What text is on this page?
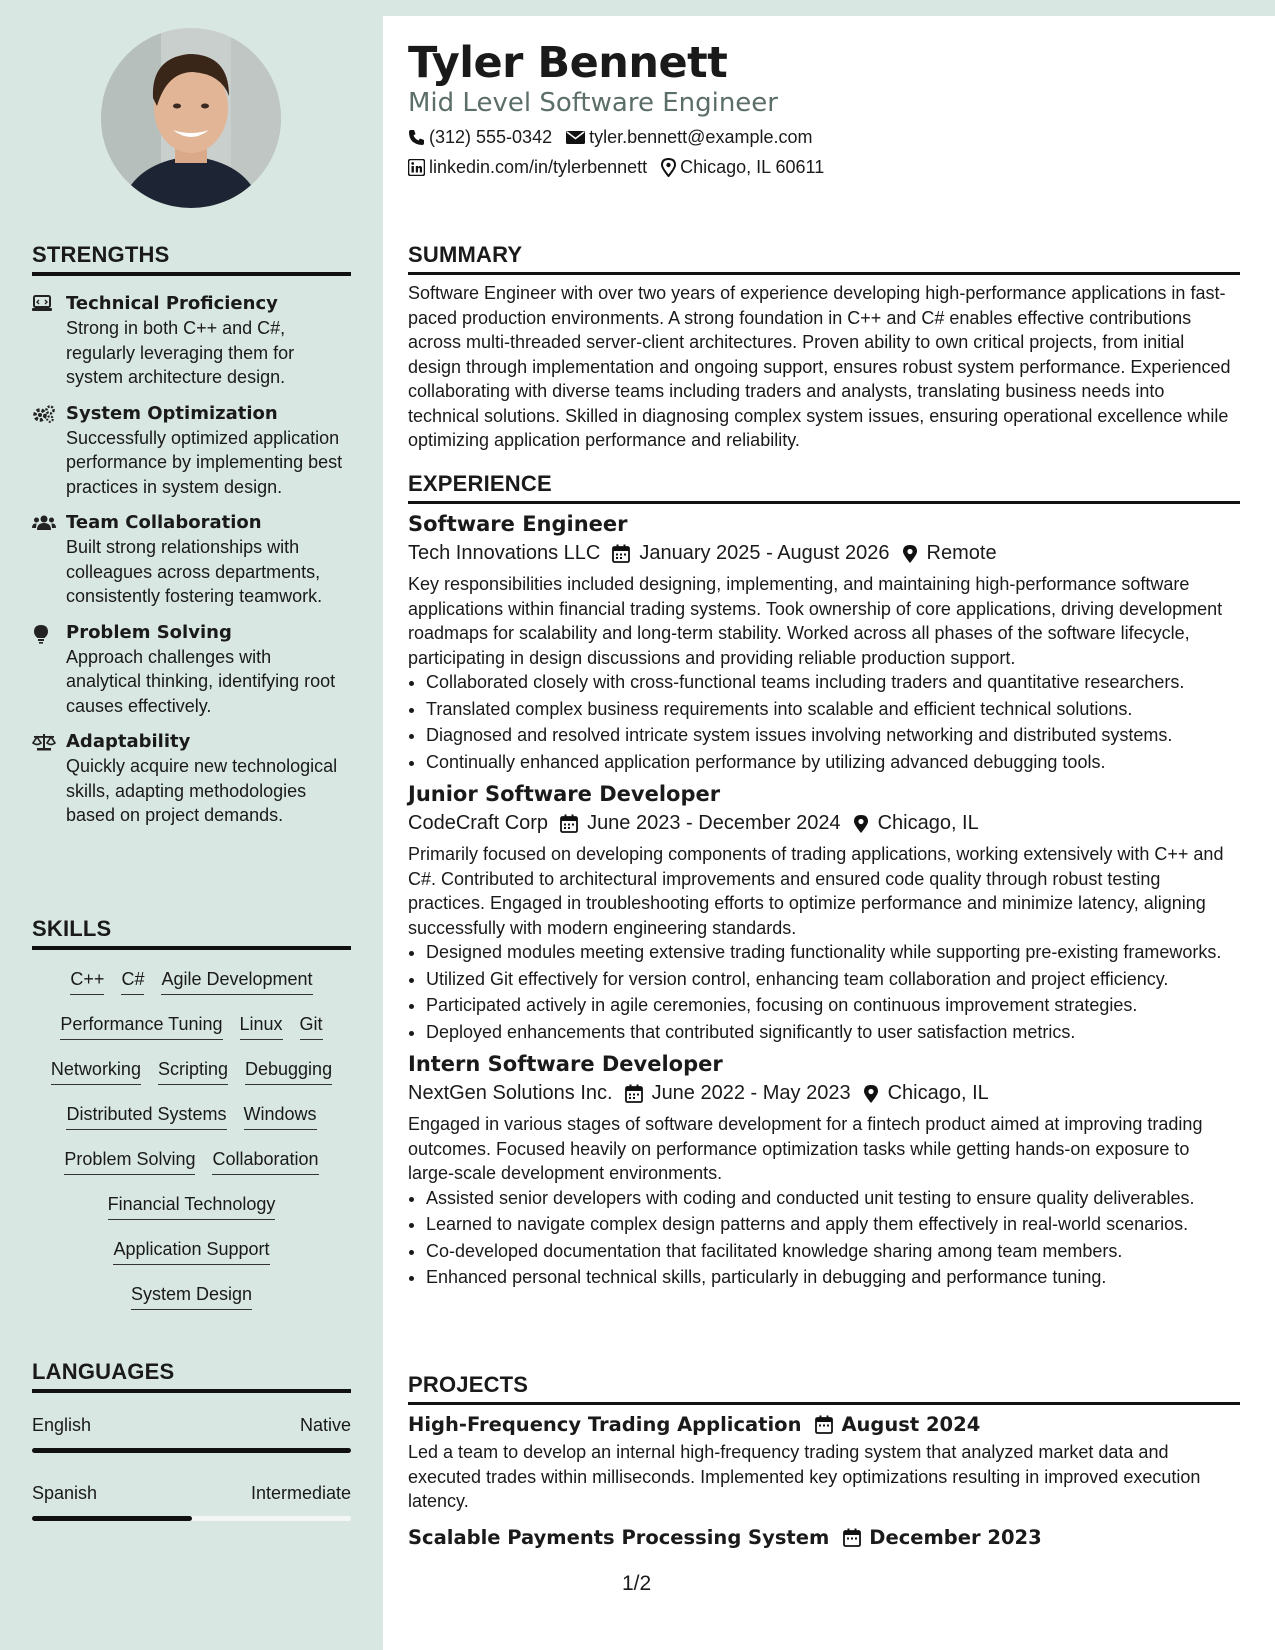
STRENGTHS
Technical Proficiency
Strong in both C++ and C#, regularly leveraging them for system architecture design.
System Optimization
Successfully optimized application performance by implementing best practices in system design.
Team Collaboration
Built strong relationships with colleagues across departments, consistently fostering teamwork.
Problem Solving
Approach challenges with analytical thinking, identifying root causes effectively.
Adaptability
Quickly acquire new technological skills, adapting methodologies based on project demands.
SKILLS
C++ C# Agile Development
Performance Tuning Linux Git
Networking Scripting Debugging
Distributed Systems Windows
Problem Solving Collaboration
Financial Technology
Application Support
System Design
LANGUAGES
English	Native
Spanish	Intermediate
Tyler Bennett
Mid Level Software Engineer
(312) 555-0342 tyler.bennett@example.com
linkedin.com/in/tylerbennett Chicago, IL 60611
SUMMARY

Software Engineer with over two years of experience developing high-performance applications in fast-paced production environments. A strong foundation in C++ and C# enables effective contributions across multi-threaded server-client architectures. Proven ability to own critical projects, from initial design through implementation and ongoing support, ensures robust system performance. Experienced collaborating with diverse teams including traders and analysts, translating business needs into technical solutions. Skilled in diagnosing complex system issues, ensuring operational excellence while optimizing application performance and reliability.

EXPERIENCE
Software Engineer
Tech Innovations LLC January 2025 - August 2026 Remote

Key responsibilities included designing, implementing, and maintaining high-performance software applications within financial trading systems. Took ownership of core applications, driving development roadmaps for scalability and long-term stability. Worked across all phases of the software lifecycle, participating in design discussions and providing reliable production support.

• Collaborated closely with cross-functional teams including traders and quantitative researchers.
• Translated complex business requirements into scalable and efficient technical solutions.
• Diagnosed and resolved intricate system issues involving networking and distributed systems.
• Continually enhanced application performance by utilizing advanced debugging tools.
Junior Software Developer
CodeCraft Corp June 2023 - December 2024 Chicago, IL

Primarily focused on developing components of trading applications, working extensively with C++ and C#. Contributed to architectural improvements and ensured code quality through robust testing practices. Engaged in troubleshooting efforts to optimize performance and minimize latency, aligning successfully with modern engineering standards.

• Designed modules meeting extensive trading functionality while supporting pre-existing frameworks.
• Utilized Git effectively for version control, enhancing team collaboration and project efficiency.
• Participated actively in agile ceremonies, focusing on continuous improvement strategies.
• Deployed enhancements that contributed significantly to user satisfaction metrics.
Intern Software Developer
NextGen Solutions Inc. June 2022 - May 2023 Chicago, IL

Engaged in various stages of software development for a fintech product aimed at improving trading outcomes. Focused heavily on performance optimization tasks while getting hands-on exposure to large-scale development environments.

• Assisted senior developers with coding and conducted unit testing to ensure quality deliverables.
• Learned to navigate complex design patterns and apply them effectively in real-world scenarios.
• Co-developed documentation that facilitated knowledge sharing among team members.
• Enhanced personal technical skills, particularly in debugging and performance tuning.
PROJECTS
High-Frequency Trading Application August 2024

Led a team to develop an internal high-frequency trading system that analyzed market data and executed trades within milliseconds. Implemented key optimizations resulting in improved execution latency.

Scalable Payments Processing System December 2023
1/2
